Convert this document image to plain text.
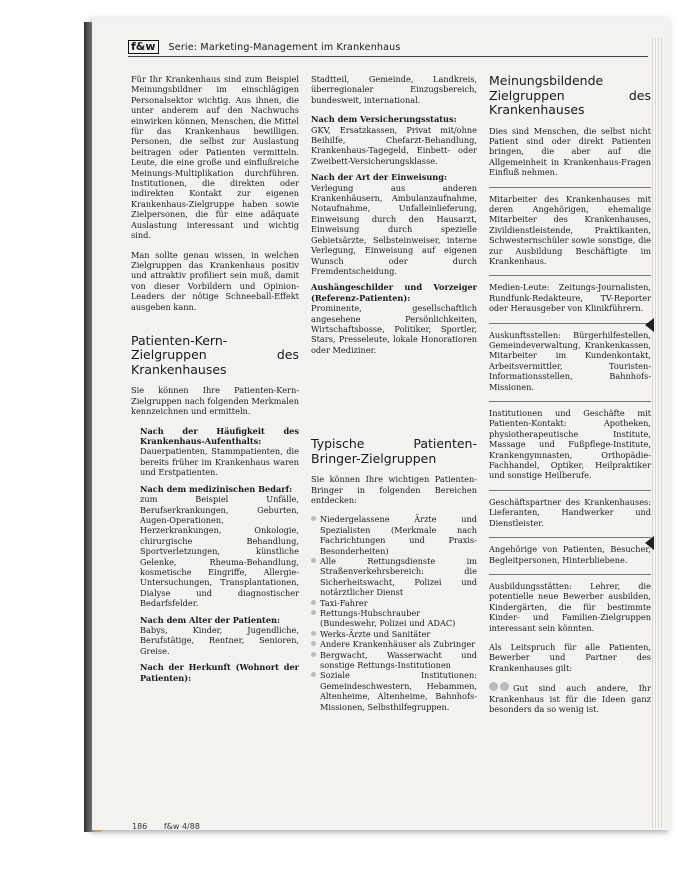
f&w	Serie: Marketing-Management im Krankenhaus

Für Ihr Krankenhaus sind zum Beispiel Meinungsbildner im einschlägigen Personalsektor wichtig. Aus ihnen, die unter anderem auf den Nachwuchs einwirken können, Menschen, die Mittel für das Krankenhaus bewilligen. Personen, die selbst zur Auslastung beitragen oder Patienten vermitteln. Leute, die eine große und einflußreiche Meinungs-Multiplikation durchführen. Institutionen, die direkten oder indirekten Kontakt zur eigenen Krankenhaus-Zielgruppe haben sowie Zielpersonen, die für eine adäquate Auslastung interessant und wichtig sind.

Man sollte genau wissen, in welchen Zielgruppen das Krankenhaus positiv und attraktiv profiliert sein muß, damit von dieser Vorbildern und Opinion-Leaders der nötige Schneeball-Effekt ausgeben kann.

Patienten-Kern-Zielgruppen des Krankenhauses

Sie können Ihre Patienten-Kern-Zielgruppen nach folgenden Merkmalen kennzeichnen und ermitteln.

Nach der Häufigkeit des Krankenhaus-Aufenthalts:
Dauerpatienten, Stammpatienten, die bereits früher im Krankenhaus waren und Erstpatienten.
Nach dem medizinischen Bedarf:
zum Beispiel Unfälle, Berufserkrankungen, Geburten, Augen-Operationen, Herzerkrankungen, Onkologie, chirurgische Behandlung, Sportverletzungen, künstliche Gelenke, Rheuma-Behandlung, kosmetische Eingriffe, Allergie-Untersuchungen, Transplantationen, Dialyse und diagnostischer Bedarfsfelder.
Nach dem Alter der Patienten:
Babys, Kinder, Jugendliche, Berufstätige, Rentner, Senioren, Greise.
Nach der Herkunft (Wohnort der Patienten):

Stadtteil, Gemeinde, Landkreis, überregionaler Einzugsbereich, bundesweit, international.

Nach dem Versicherungsstatus:
GKV, Ersatzkassen, Privat mit/ohne Beihilfe, Chefarzt-Behandlung, Krankenhaus-Tagegeld, Einbett- oder Zweibett-Versicherungsklasse.
Nach der Art der Einweisung:
Verlegung aus anderen Krankenhäusern, Ambulanzaufnahme, Notaufnahme, Unfalleinlieferung, Einweisung durch den Hausarzt, Einweisung durch spezielle Gebietsärzte, Selbsteinweiser, interne Verlegung, Einweisung auf eigenen Wunsch oder durch Fremdentscheidung.
Aushängeschilder und Vorzeiger (Referenz-Patienten):
Prominente, gesellschaftlich angesehene Persönlichkeiten, Wirtschaftsbosse, Politiker, Sportler, Stars, Presseleute, lokale Honoratioren oder Mediziner.
Typische Patienten-Bringer-Zielgruppen

Sie können Ihre wichtigen Patienten-Bringer in folgenden Bereichen entdecken:

Niedergelassene Ärzte und Spezialisten (Merkmale nach Fachrichtungen und Praxis-Besonderheiten)
Alle Rettungsdienste im Straßenverkehrsbereich: die Sicherheitswacht, Polizei und notärztlicher Dienst
Taxi-Fahrer
Rettungs-Hubschrauber (Bundeswehr, Polizei und ADAC)
Werks-Ärzte und Sanitäter
Andere Krankenhäuser als Zubringer
Bergwacht, Wasserwacht und sonstige Rettungs-Institutionen
Soziale Institutionen: Gemeindeschwestern, Hebammen, Altenheime, Altenheime, Bahnhofs-Missionen, Selbsthilfegruppen.
Meinungsbildende Zielgruppen des Krankenhauses

Dies sind Menschen, die selbst nicht Patient sind oder direkt Patienten bringen, die aber auf die Allgemeinheit in Krankenhaus-Fragen Einfluß nehmen.

Mitarbeiter des Krankenhauses mit deren Angehörigen, ehemalige Mitarbeiter des Krankenhauses, Zivildienstleistende, Praktikanten, Schwesternschüler sowie sonstige, die zur Ausbildung Beschäftigte im Krankenhaus.

Medien-Leute: Zeitungs-Journalisten, Rundfunk-Redakteure, TV-Reporter oder Herausgeber von Klinikführern.

Auskunftsstellen: Bürgerhilfestellen, Gemeindeverwaltung, Krankenkassen, Mitarbeiter im Kundenkontakt, Arbeitsvermittler, Touristen-Informationsstellen, Bahnhofs-Missionen.

Institutionen und Geschäfte mit Patienten-Kontakt: Apotheken, physiotherapeutische Institute, Massage und Fußpflege-Institute, Krankengymnasten, Orthopädie-Fachhandel, Optiker, Heilpraktiker und sonstige Heilberufe.

Geschäftspartner des Krankenhauses: Lieferanten, Handwerker und Dienstleister.

Angehörige von Patienten, Besucher, Begleitpersonen, Hinterbliebene.

Ausbildungsstätten: Lehrer, die potentielle neue Bewerber ausbilden, Kindergärten, die für bestimmte Kinder- und Familien-Zielgruppen interessant sein könnten.

Als Leitspruch für alle Patienten, Bewerber und Partner des Krankenhauses gilt:

Gut sind auch andere, Ihr Krankenhaus ist für die Ideen ganz besonders da so wenig ist.

186 f&w 4/88
